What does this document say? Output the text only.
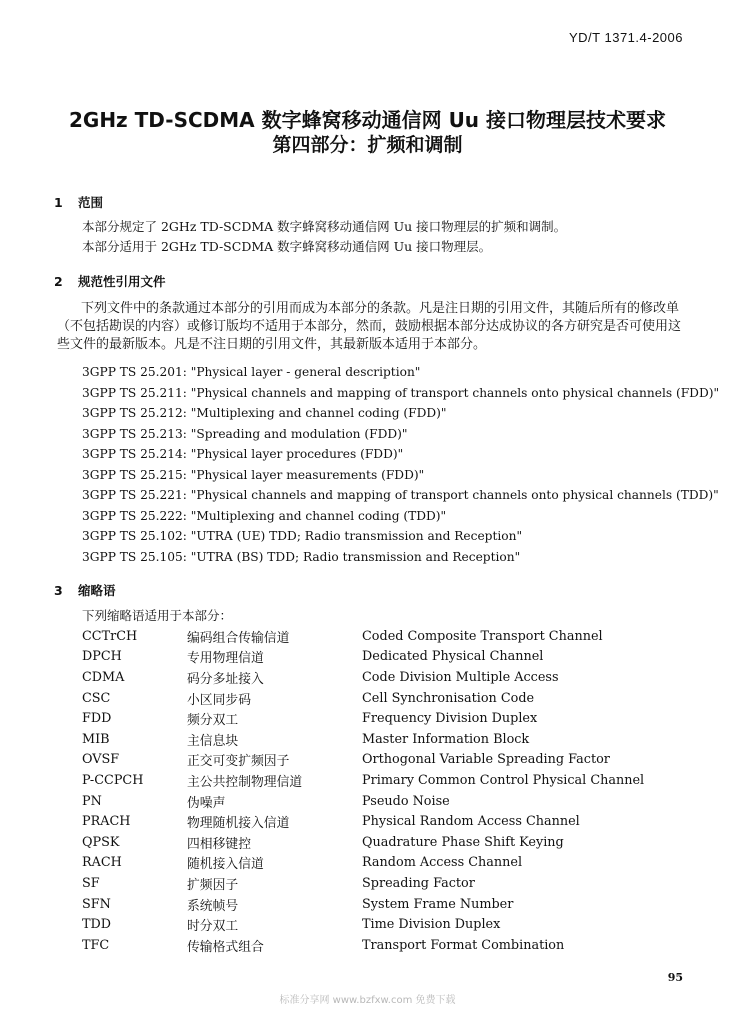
YD/T 1371.4-2006
2GHz TD-SCDMA 数字蜂窝移动通信网 Uu 接口物理层技术要求
第四部分：扩频和调制
1 范围
本部分规定了 2GHz TD-SCDMA 数字蜂窝移动通信网 Uu 接口物理层的扩频和调制。
本部分适用于 2GHz TD-SCDMA 数字蜂窝移动通信网 Uu 接口物理层。
2 规范性引用文件
下列文件中的条款通过本部分的引用而成为本部分的条款。凡是注日期的引用文件，其随后所有的修改单（不包括勘误的内容）或修订版均不适用于本部分，然而，鼓励根据本部分达成协议的各方研究是否可使用这些文件的最新版本。凡是不注日期的引用文件，其最新版本适用于本部分。
3GPP TS 25.201: "Physical layer - general description"
3GPP TS 25.211: "Physical channels and mapping of transport channels onto physical channels (FDD)"
3GPP TS 25.212: "Multiplexing and channel coding (FDD)"
3GPP TS 25.213: "Spreading and modulation (FDD)"
3GPP TS 25.214: "Physical layer procedures (FDD)"
3GPP TS 25.215: "Physical layer measurements (FDD)"
3GPP TS 25.221: "Physical channels and mapping of transport channels onto physical channels (TDD)"
3GPP TS 25.222: "Multiplexing and channel coding (TDD)"
3GPP TS 25.102: "UTRA (UE) TDD; Radio transmission and Reception"
3GPP TS 25.105: "UTRA (BS) TDD; Radio transmission and Reception"
3 缩略语
下列缩略语适用于本部分：
CCTrCH	编码组合传输信道	Coded Composite Transport Channel
DPCH	专用物理信道	Dedicated Physical Channel
CDMA	码分多址接入	Code Division Multiple Access
CSC	小区同步码	Cell Synchronisation Code
FDD	频分双工	Frequency Division Duplex
MIB	主信息块	Master Information Block
OVSF	正交可变扩频因子	Orthogonal Variable Spreading Factor
P-CCPCH	主公共控制物理信道	Primary Common Control Physical Channel
PN	伪噪声	Pseudo Noise
PRACH	物理随机接入信道	Physical Random Access Channel
QPSK	四相移键控	Quadrature Phase Shift Keying
RACH	随机接入信道	Random Access Channel
SF	扩频因子	Spreading Factor
SFN	系统帧号	System Frame Number
TDD	时分双工	Time Division Duplex
TFC	传输格式组合	Transport Format Combination
95
标准分享网 www.bzfxw.com 免费下载
